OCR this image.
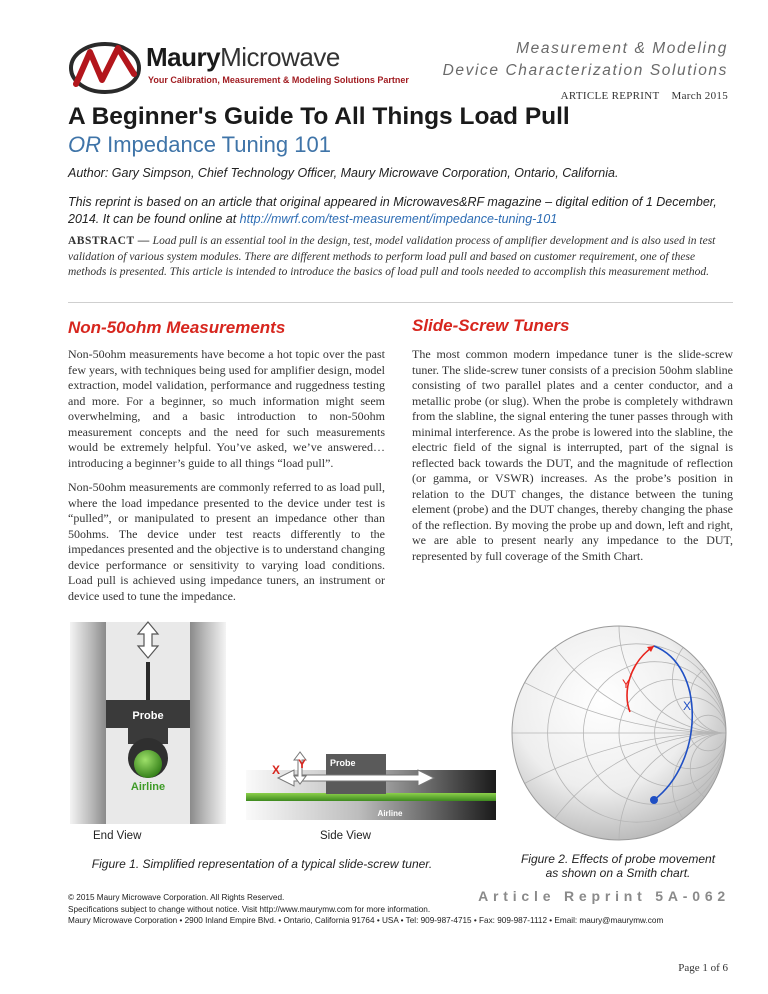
MauryMicrowave
Your Calibration, Measurement & Modeling Solutions Partner
Measurement & Modeling
Device Characterization Solutions
ARTICLE REPRINT March 2015
A Beginner's Guide To All Things Load Pull
OR Impedance Tuning 101
Author: Gary Simpson, Chief Technology Officer, Maury Microwave Corporation, Ontario, California.
This reprint is based on an article that original appeared in Microwaves&RF magazine – digital edition of 1 December, 2014. It can be found online at http://mwrf.com/test-measurement/impedance-tuning-101
ABSTRACT — Load pull is an essential tool in the design, test, model validation process of amplifier development and is also used in test validation of various system modules. There are different methods to perform load pull and based on customer requirement, one of these methods is presented. This article is intended to introduce the basics of load pull and tools needed to accomplish this measurement method.
Non-50ohm Measurements

Non-50ohm measurements have become a hot topic over the past few years, with techniques being used for amplifier design, model extraction, model validation, performance and ruggedness testing and more. For a beginner, so much information might seem overwhelming, and a basic introduction to non-50ohm measurement concepts and the need for such measurements would be extremely helpful. You’ve asked, we’ve answered… introducing a beginner’s guide to all things “load pull”.

Non-50ohm measurements are commonly referred to as load pull, where the load impedance presented to the device under test is “pulled”, or manipulated to present an impedance other than 50ohms. The device under test reacts differently to the impedances presented and the objective is to understand changing device performance or sensitivity to varying load conditions. Load pull is achieved using impedance tuners, an instrument or device used to tune the impedance.

Slide-Screw Tuners

The most common modern impedance tuner is the slide-screw tuner. The slide-screw tuner consists of a precision 50ohm slabline consisting of two parallel plates and a center conductor, and a metallic probe (or slug). When the probe is completely withdrawn from the slabline, the signal entering the tuner passes through with minimal interference. As the probe is lowered into the slabline, the electric field of the signal is interrupted, part of the signal is reflected back towards the DUT, and the magnitude of reflection (or gamma, or VSWR) increases. As the probe’s position in relation to the DUT changes, the distance between the tuning element (probe) and the DUT changes, thereby changing the phase of the reflection. By moving the probe up and down, left and right, we are able to present nearly any impedance to the DUT, represented by full coverage of the Smith Chart.

Probe
Airline
Airline
Probe
X Y
End View	Side View
Figure 1. Simplified representation of a typical slide-screw tuner.
Y
X
Figure 2. Effects of probe movement
as shown on a Smith chart.
© 2015 Maury Microwave Corporation. All Rights Reserved.
Specifications subject to change without notice. Visit http://www.maurymw.com for more information.
Maury Microwave Corporation • 2900 Inland Empire Blvd. • Ontario, California 91764 • USA • Tel: 909-987-4715 • Fax: 909-987-1112 • Email: maury@maurymw.com
Article Reprint 5A-062
Page 1 of 6
